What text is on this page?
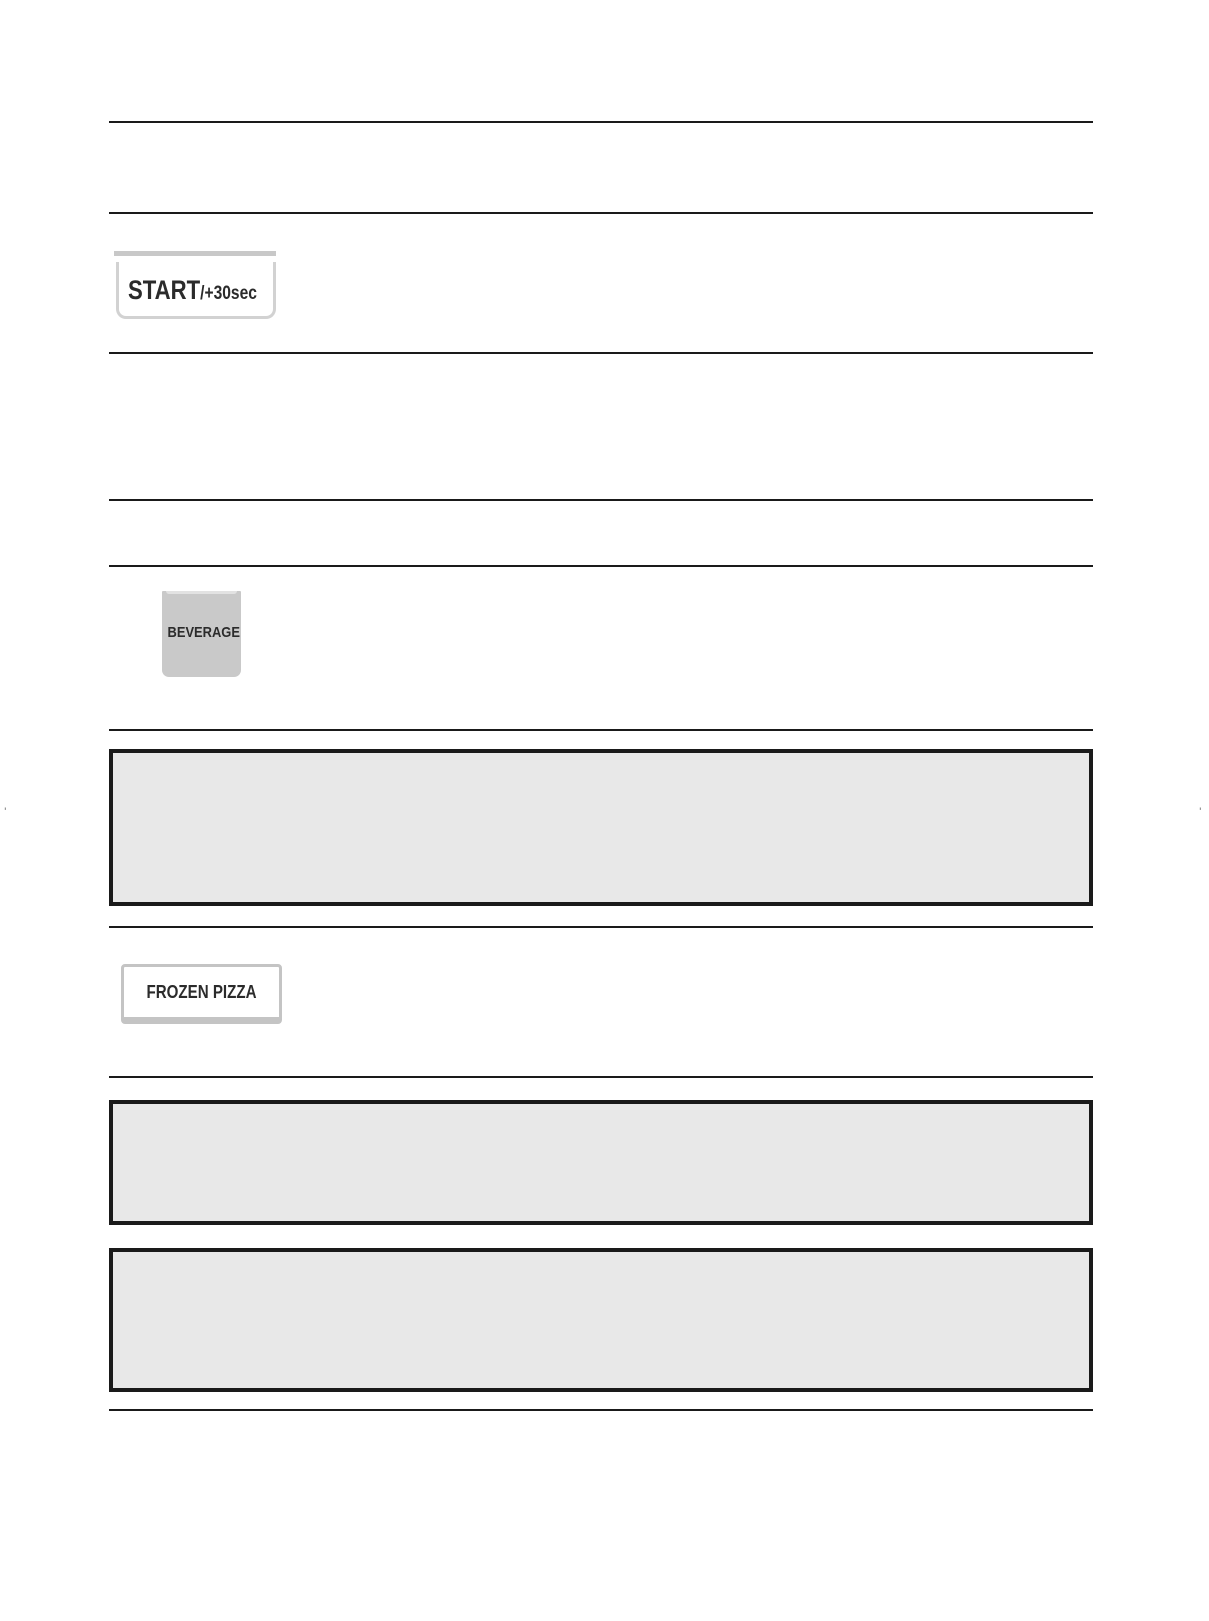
START/+30sec
BEVERAGE
'	'
FROZEN PIZZA
